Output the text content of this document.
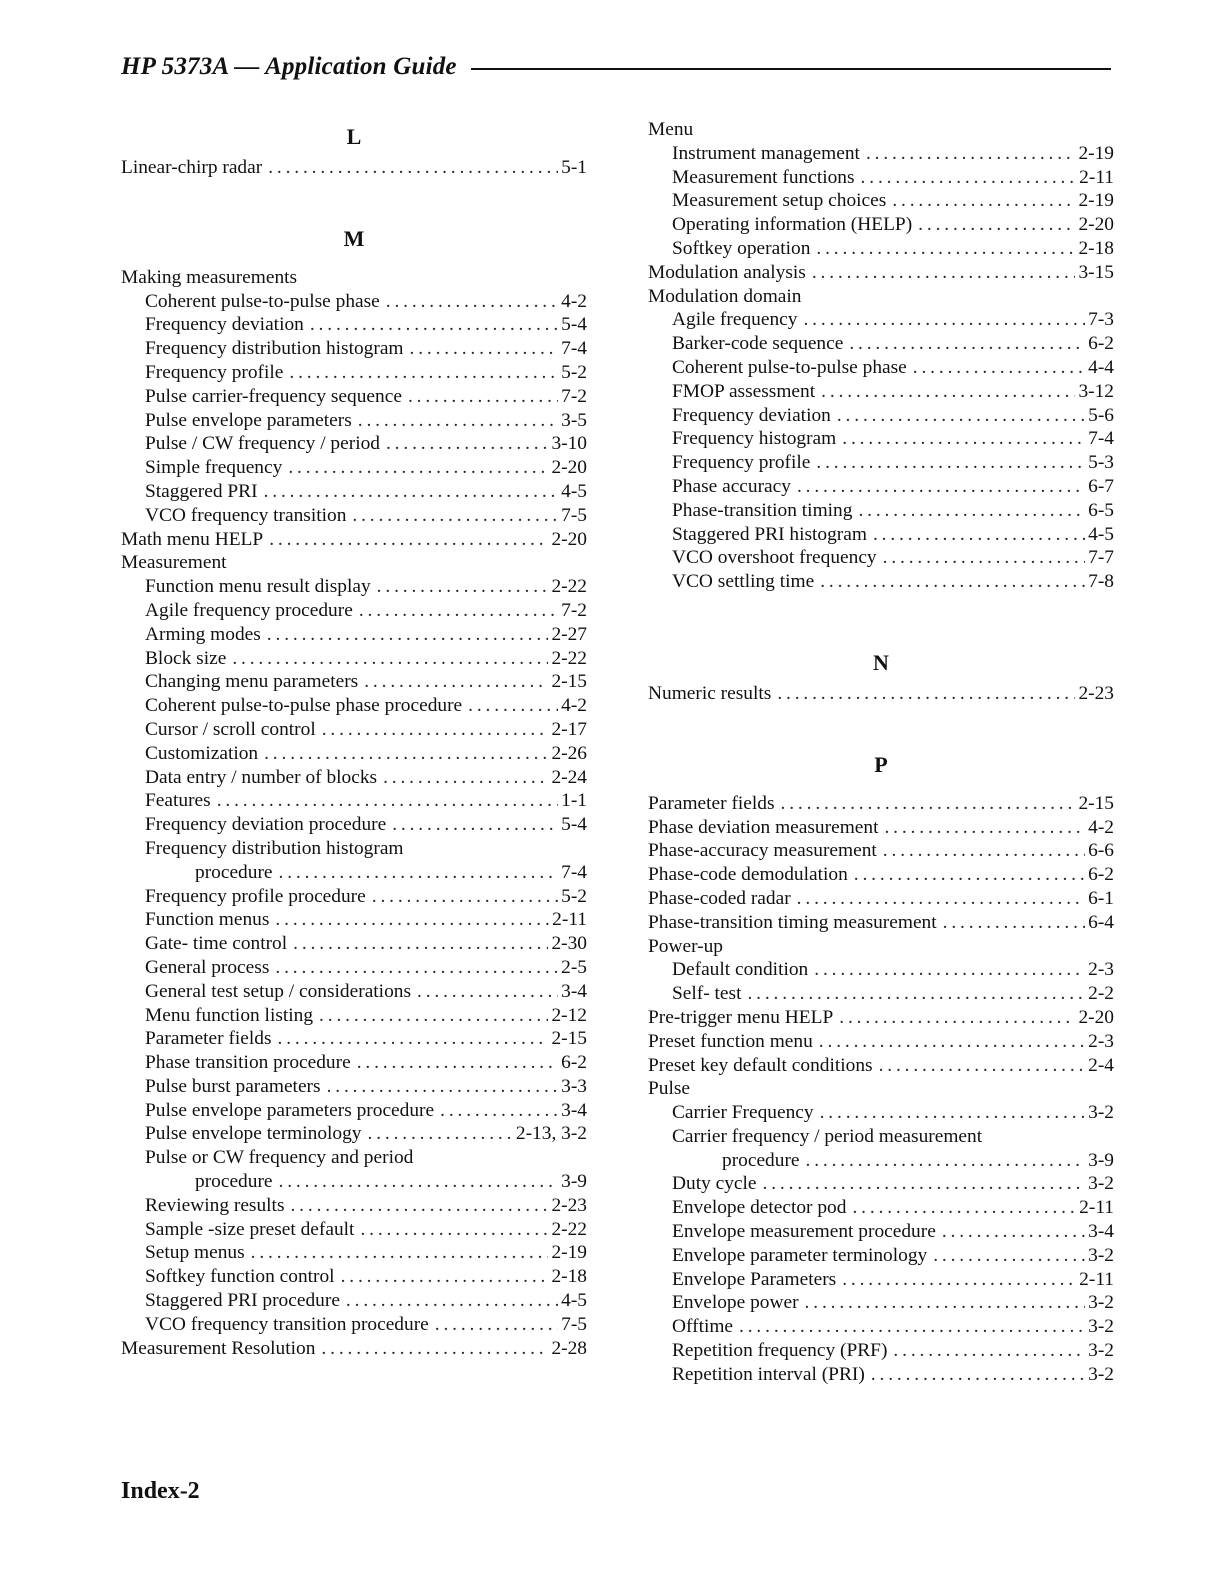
HP 5373A — Application Guide
L
Linear-chirp radar . . .	5-1
M
Making measurements
Coherent pulse-to-pulse phase . . .	4-2
Frequency deviation . . .	5-4
Frequency distribution histogram . . .	7-4
Frequency profile . . .	5-2
Pulse carrier-frequency sequence . . .	7-2
Pulse envelope parameters . . .	3-5
Pulse / CW frequency / period . . .	3-10
Simple frequency . . .	2-20
Staggered PRI . . .	4-5
VCO frequency transition . . .	7-5
Math menu HELP . . .	2-20
Measurement
Function menu result display . . .	2-22
Agile frequency procedure . . .	7-2
Arming modes . . .	2-27
Block size . . .	2-22
Changing menu parameters . . .	2-15
Coherent pulse-to-pulse phase procedure . . .	4-2
Cursor / scroll control . . .	2-17
Customization . . .	2-26
Data entry / number of blocks . . .	2-24
Features . . .	1-1
Frequency deviation procedure . . .	5-4
Frequency distribution histogram
procedure . . .	7-4
Frequency profile procedure . . .	5-2
Function menus . . .	2-11
Gate- time control . . .	2-30
General process . . .	2-5
General test setup / considerations . . .	3-4
Menu function listing . . .	2-12
Parameter fields . . .	2-15
Phase transition procedure . . .	6-2
Pulse burst parameters . . .	3-3
Pulse envelope parameters procedure . . .	3-4
Pulse envelope terminology . . .	2-13, 3-2
Pulse or CW frequency and period
procedure . . .	3-9
Reviewing results . . .	2-23
Sample -size preset default . . .	2-22
Setup menus . . .	2-19
Softkey function control . . .	2-18
Staggered PRI procedure . . .	4-5
VCO frequency transition procedure . . .	7-5
Measurement Resolution . . .	2-28
Menu
Instrument management . . .	2-19
Measurement functions . . .	2-11
Measurement setup choices . . .	2-19
Operating information (HELP) . . .	2-20
Softkey operation . . .	2-18
Modulation analysis . . .	3-15
Modulation domain
Agile frequency . . .	7-3
Barker-code sequence . . .	6-2
Coherent pulse-to-pulse phase . . .	4-4
FMOP assessment . . .	3-12
Frequency deviation . . .	5-6
Frequency histogram . . .	7-4
Frequency profile . . .	5-3
Phase accuracy . . .	6-7
Phase-transition timing . . .	6-5
Staggered PRI histogram . . .	4-5
VCO overshoot frequency . . .	7-7
VCO settling time . . .	7-8
N
Numeric results . . .	2-23
P
Parameter fields . . .	2-15
Phase deviation measurement . . .	4-2
Phase-accuracy measurement . . .	6-6
Phase-code demodulation . . .	6-2
Phase-coded radar . . .	6-1
Phase-transition timing measurement . . .	6-4
Power-up
Default condition . . .	2-3
Self- test . . .	2-2
Pre-trigger menu HELP . . .	2-20
Preset function menu . . .	2-3
Preset key default conditions . . .	2-4
Pulse
Carrier Frequency . . .	3-2
Carrier frequency / period measurement
procedure . . .	3-9
Duty cycle . . .	3-2
Envelope detector pod . . .	2-11
Envelope measurement procedure . . .	3-4
Envelope parameter terminology . . .	3-2
Envelope Parameters . . .	2-11
Envelope power . . .	3-2
Offtime . . .	3-2
Repetition frequency (PRF) . . .	3-2
Repetition interval (PRI) . . .	3-2
Index-2
